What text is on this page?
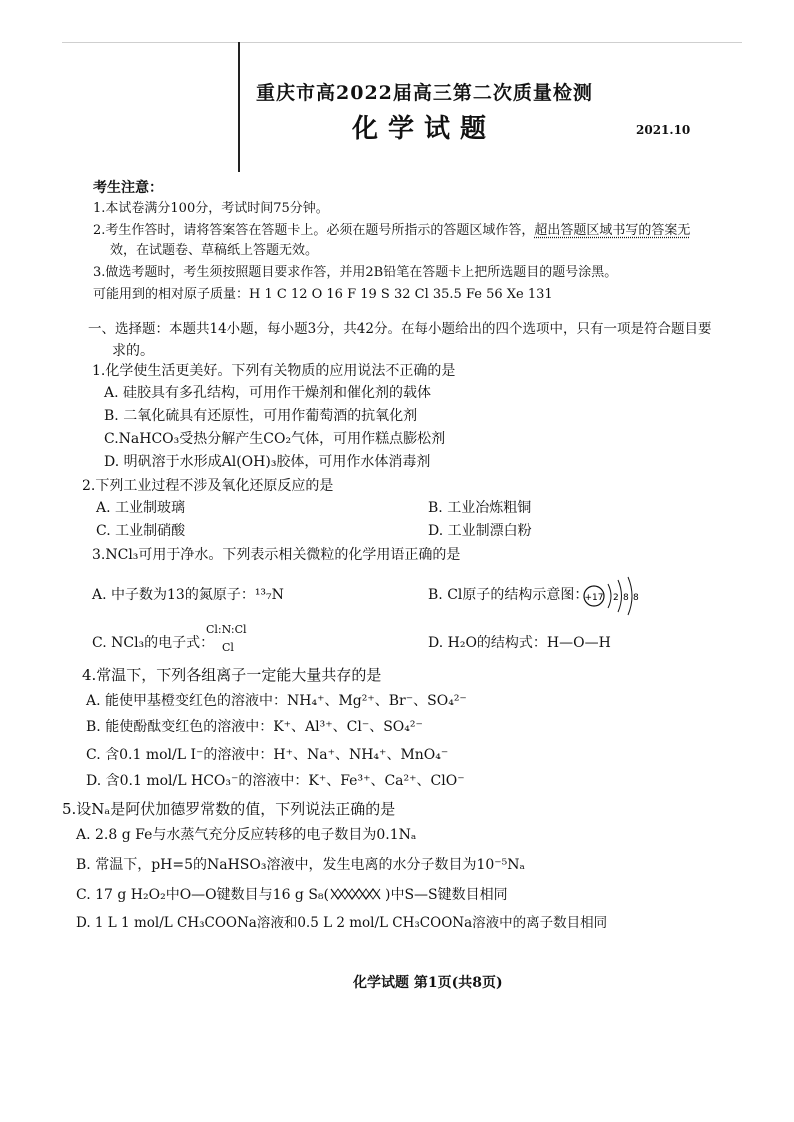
重庆市高2022届高三第二次质量检测
化学试题	2021.10
考生注意：
1.本试卷满分100分，考试时间75分钟。
2.考生作答时，请将答案答在答题卡上。必须在题号所指示的答题区域作答，超出答题区域书写的答案无
效，在试题卷、草稿纸上答题无效。
3.做选考题时，考生须按照题目要求作答，并用2B铅笔在答题卡上把所选题目的题号涂黑。
可能用到的相对原子质量：H 1 C 12 O 16 F 19 S 32 Cl 35.5 Fe 56 Xe 131
一、选择题：本题共14小题，每小题3分，共42分。在每小题给出的四个选项中，只有一项是符合题目要
求的。
1.化学使生活更美好。下列有关物质的应用说法不正确的是
A. 硅胶具有多孔结构，可用作干燥剂和催化剂的载体
B. 二氧化硫具有还原性，可用作葡萄酒的抗氧化剂
C.NaHCO₃受热分解产生CO₂气体，可用作糕点膨松剂
D. 明矾溶于水形成Al(OH)₃胶体，可用作水体消毒剂
2.下列工业过程不涉及氧化还原反应的是
A. 工业制玻璃	B. 工业冶炼粗铜
C. 工业制硝酸	D. 工业制漂白粉
3.NCl₃可用于净水。下列表示相关微粒的化学用语正确的是
A. 中子数为13的氮原子：¹³₇N	B. Cl原子的结构示意图：
+17 2 8 8
C. NCl₃的电子式：
Cl:N:Cl
Cl	D. H₂O的结构式：H—O—H
4.常温下，下列各组离子一定能大量共存的是
A. 能使甲基橙变红色的溶液中：NH₄⁺、Mg²⁺、Br⁻、SO₄²⁻
B. 能使酚酞变红色的溶液中：K⁺、Al³⁺、Cl⁻、SO₄²⁻
C. 含0.1 mol/L I⁻的溶液中：H⁺、Na⁺、NH₄⁺、MnO₄⁻
D. 含0.1 mol/L HCO₃⁻的溶液中：K⁺、Fe³⁺、Ca²⁺、ClO⁻
5.设Nₐ是阿伏加德罗常数的值，下列说法正确的是
A. 2.8 g Fe与水蒸气充分反应转移的电子数目为0.1Nₐ
B. 常温下，pH=5的NaHSO₃溶液中，发生电离的水分子数目为10⁻⁵Nₐ
C. 17 g H₂O₂中O—O键数目与16 g S₈(	)中S—S键数目相同
D. 1 L 1 mol/L CH₃COONa溶液和0.5 L 2 mol/L CH₃COONa溶液中的离子数目相同
化学试题 第1页(共8页)
